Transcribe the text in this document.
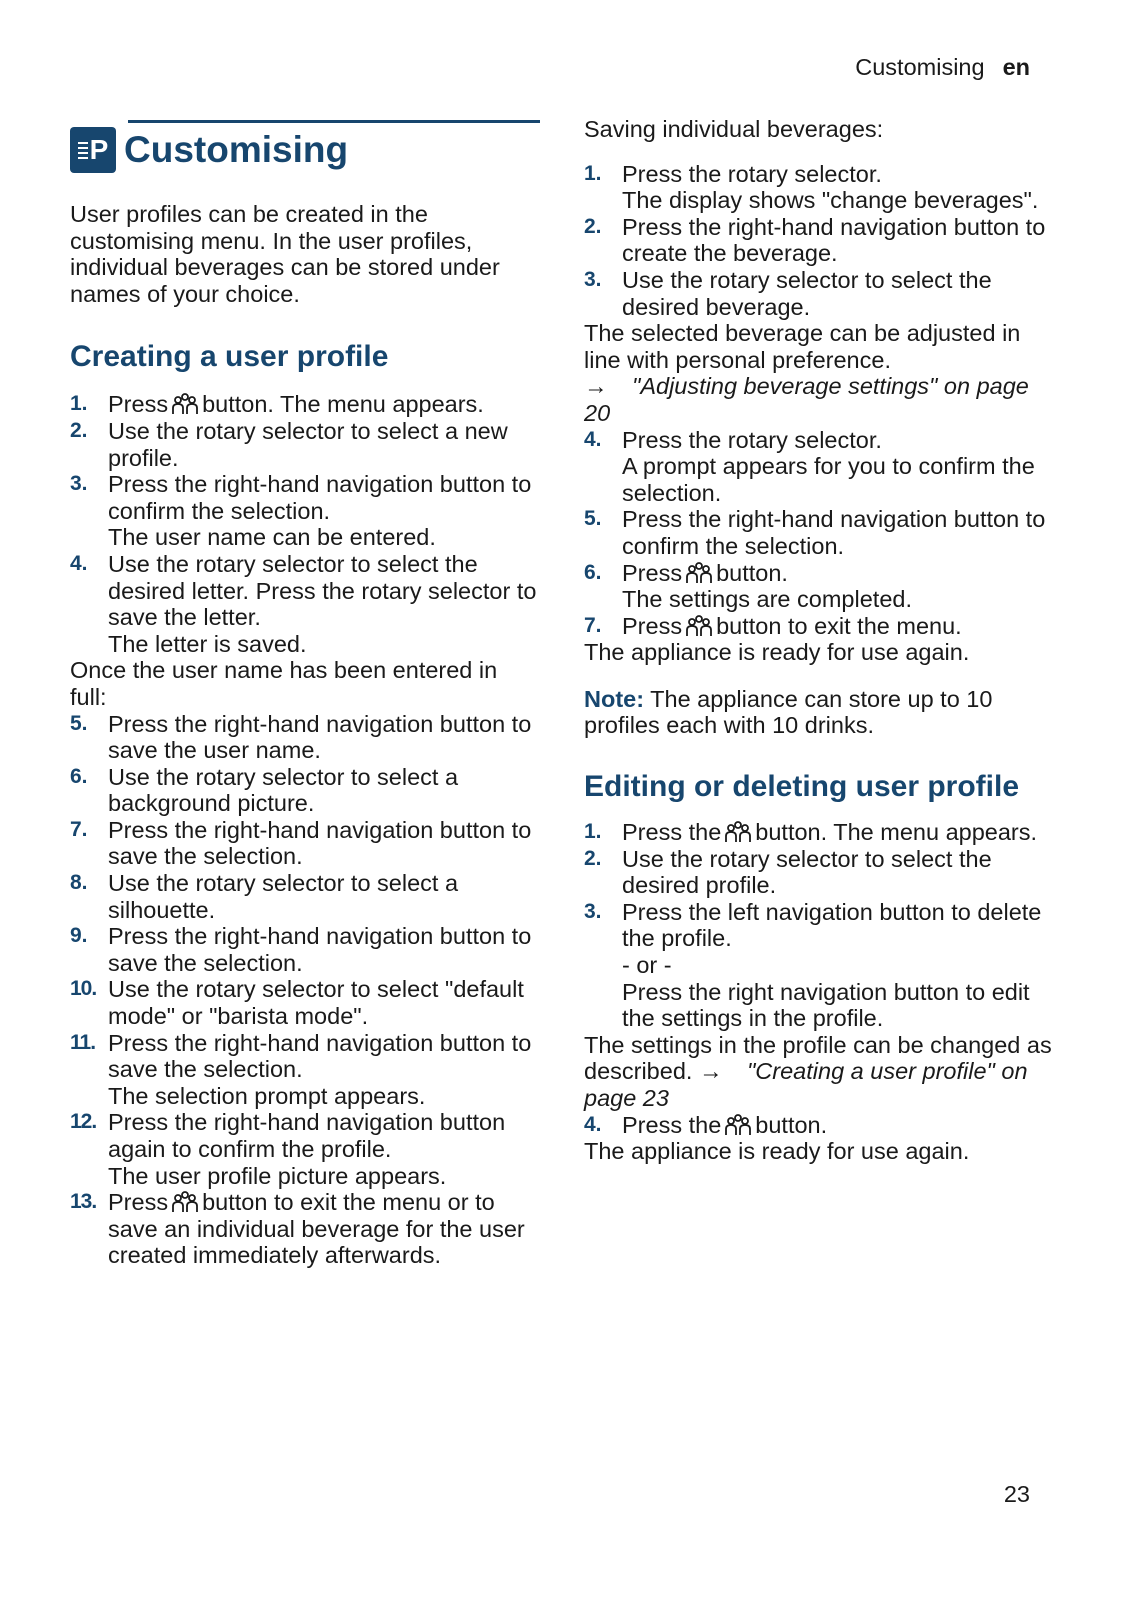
Customising en
P Customising
User profiles can be created in the customising menu. In the user profiles, individual beverages can be stored under names of your choice.
Creating a user profile
1. Press button. The menu appears.
2. Use the rotary selector to select a new profile.
3. Press the right-hand navigation button to confirm the selection.
The user name can be entered.
4. Use the rotary selector to select the desired letter. Press the rotary selector to save the letter.
The letter is saved.
Once the user name has been entered in full:
5. Press the right-hand navigation button to save the user name.
6. Use the rotary selector to select a background picture.
7. Press the right-hand navigation button to save the selection.
8. Use the rotary selector to select a silhouette.
9. Press the right-hand navigation button to save the selection.
10. Use the rotary selector to select "default mode" or "barista mode".
11. Press the right-hand navigation button to save the selection.
The selection prompt appears.
12. Press the right-hand navigation button again to confirm the profile.
The user profile picture appears.
13. Press button to exit the menu or to save an individual beverage for the user created immediately afterwards.
Saving individual beverages:
1. Press the rotary selector.
The display shows "change beverages".
2. Press the right-hand navigation button to create the beverage.
3. Use the rotary selector to select the desired beverage.
The selected beverage can be adjusted in line with personal preference.
→ "Adjusting beverage settings" on page 20
4. Press the rotary selector.
A prompt appears for you to confirm the selection.
5. Press the right-hand navigation button to confirm the selection.
6. Press button.
The settings are completed.
7. Press button to exit the menu.
The appliance is ready for use again.
Note: The appliance can store up to 10 profiles each with 10 drinks.
Editing or deleting user profile
1. Press the button. The menu appears.
2. Use the rotary selector to select the desired profile.
3. Press the left navigation button to delete the profile.
- or -
Press the right navigation button to edit the settings in the profile.
The settings in the profile can be changed as described. → "Creating a user profile" on page 23
4. Press the button.
The appliance is ready for use again.
23
